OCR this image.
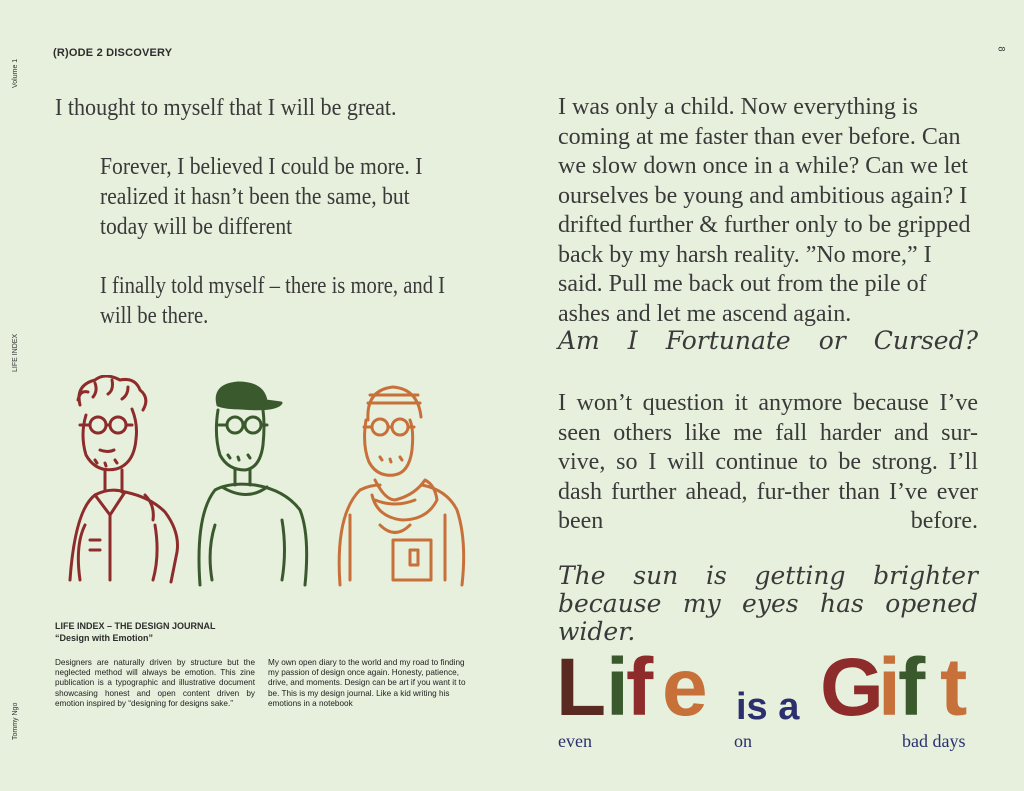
Volume 1
LIFE INDEX
Tommy Ngo
8
(R)ODE 2 DISCOVERY
I thought to myself that I will be great.
Forever, I believed I could be more. I realized it hasn’t been the same, but today will be different
I finally told myself – there is more, and I will be there.
I was only a child. Now everything is coming at me faster than ever before. Can we slow down once in a while? Can we let ourselves be young and ambitious again? I drifted further & further only to be gripped back by my harsh reality. ”No more,” I said. Pull me back out from the pile of ashes and let me ascend again.
Am I Fortunate or Cursed?
I won’t question it anymore because I’ve seen others like me fall harder and sur-vive, so I will continue to be strong. I’ll dash further ahead, fur-ther than I’ve ever been before.
The sun is getting brighter because my eyes has opened wider.
LIFE INDEX – THE DESIGN JOURNAL
“Design with Emotion”
Designers are naturally driven by structure but the neglected method will always be emotion. This zine publication is a typographic and illustrative document showcasing honest and open content driven by emotion inspired by “designing for designs sake.”
My own open diary to the world and my road to finding my passion of design once again. Honesty, patience, drive, and moments. Design can be art if you want it to be. This is my design journal. Like a kid writing his emotions in a notebook	L i
f e is a G
i
f t
even	on	bad days
